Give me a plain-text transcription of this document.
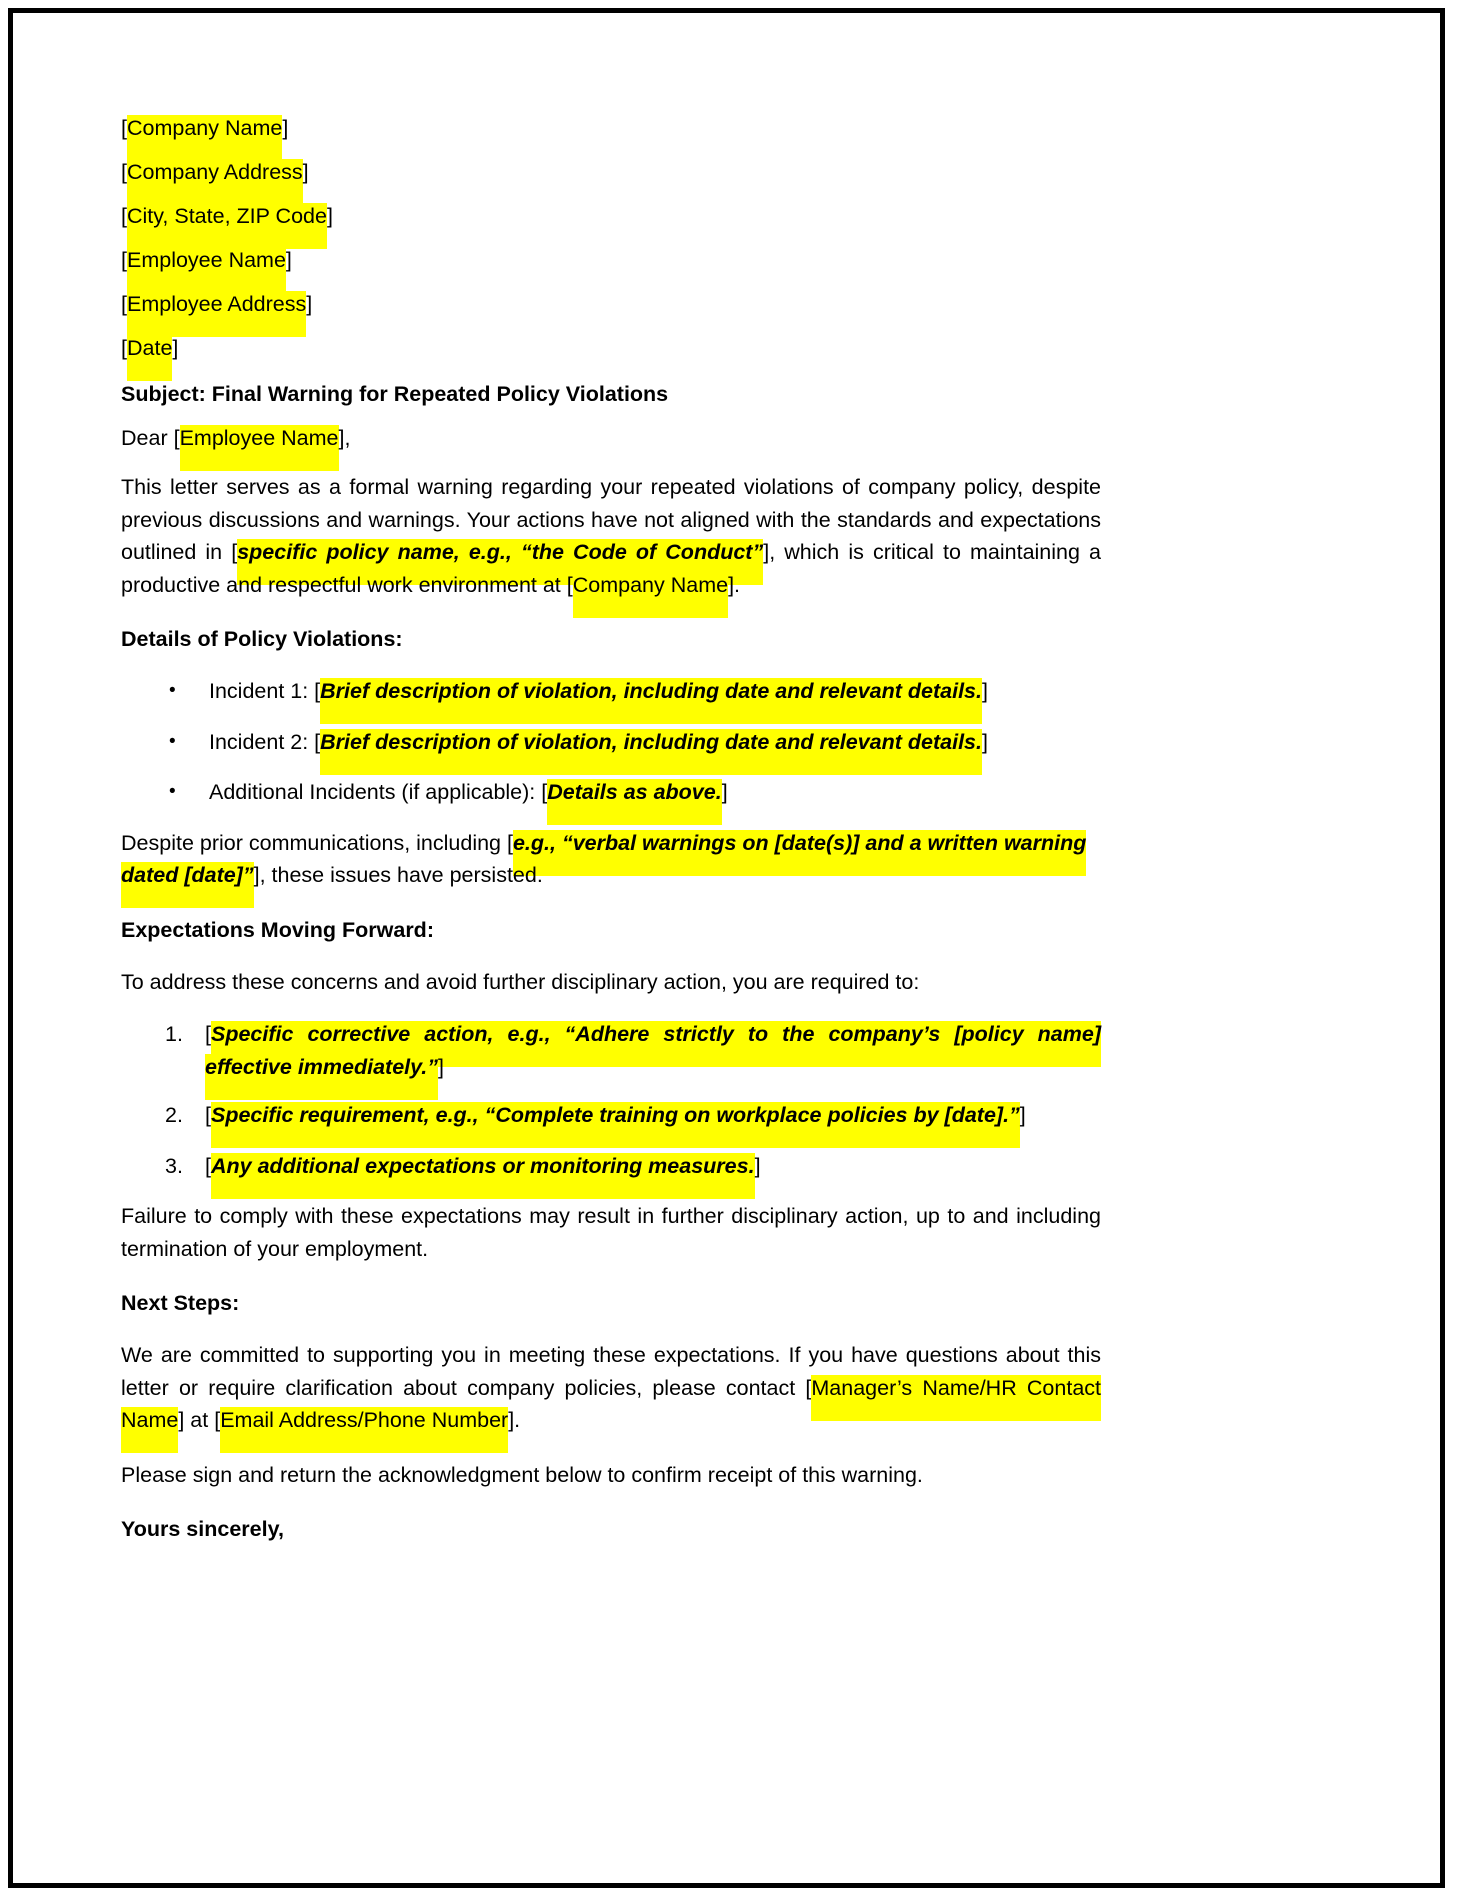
[Company Name]
[Company Address]
[City, State, ZIP Code]
[Employee Name]
[Employee Address]
[Date]
Subject: Final Warning for Repeated Policy Violations
Dear [Employee Name],
This letter serves as a formal warning regarding your repeated violations of company policy, despite previous discussions and warnings. Your actions have not aligned with the standards and expectations outlined in [specific policy name, e.g., “the Code of Conduct”], which is critical to maintaining a productive and respectful work environment at [Company Name].
Details of Policy Violations:
•	Incident 1: [Brief description of violation, including date and relevant details.]
•	Incident 2: [Brief description of violation, including date and relevant details.]
•	Additional Incidents (if applicable): [Details as above.]
Despite prior communications, including [e.g., “verbal warnings on [date(s)] and a written warning dated [date]”], these issues have persisted.
Expectations Moving Forward:
To address these concerns and avoid further disciplinary action, you are required to:
1.	[Specific corrective action, e.g., “Adhere strictly to the company’s [policy name] effective immediately.”]
2.	[Specific requirement, e.g., “Complete training on workplace policies by [date].”]
3.	[Any additional expectations or monitoring measures.]
Failure to comply with these expectations may result in further disciplinary action, up to and including termination of your employment.
Next Steps:
We are committed to supporting you in meeting these expectations. If you have questions about this letter or require clarification about company policies, please contact [Manager’s Name/HR Contact Name] at [Email Address/Phone Number].
Please sign and return the acknowledgment below to confirm receipt of this warning.
Yours sincerely,
